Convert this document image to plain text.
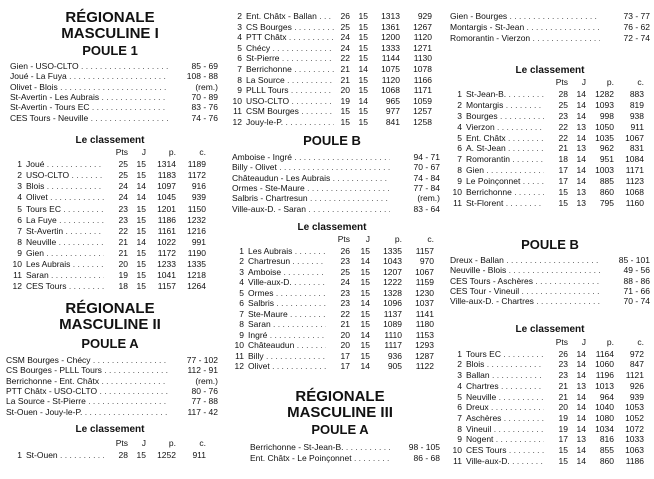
RÉGIONALE
MASCULINE I
POULE 1
Gien - USO-CLTO . . .	85 - 69
Joué - La Fuya . . .	108 - 88
Olivet - Blois . . .	(rem.)
St-Avertin - Les Aubrais . . .	70 - 89
St-Avertin - Tours EC . . .	83 - 76
CES Tours - Neuville . . .	74 - 76
Le classement
Pts	J	p.	c.
1 Joué . . .	25	15	1314	1189
2 USO-CLTO . . .	25	15	1183	1172
3 Blois . . .	24	14	1097	916
4 Olivet . . .	24	14	1045	939
5 Tours EC . . .	23	15	1201	1150
6 La Fuye . . .	23	15	1186	1232
7 St-Avertin . . .	22	15	1161	1216
8 Neuville . . .	21	14	1022	991
9 Gien . . .	21	15	1172	1190
10 Les Aubrais . . .	20	15	1233	1335
11 Saran . . .	19	15	1041	1218
12 CES Tours . . .	18	15	1157	1264
RÉGIONALE
MASCULINE II
POULE A
CSM Bourges - Chécy . . .	77 - 102
CS Bourges - PLLL Tours . . .	112 - 91
Berrichonne - Ent. Châtx . . .	(rem.)
PTT Châtx - USO-CLTO . . .	80 - 76
La Source - St-Pierre . . .	77 - 88
St-Ouen - Jouy-le-P. . . .	117 - 42
Le classement
Pts	J	p.	c.
1 St-Ouen . . .	28	15	1252	911
2 Ent. Châtx - Ballan . . .	26	15	1313	929
3 CS Bourges . . .	25	15	1361	1267
4 PTT Châtx . . .	24	15	1200	1120
5 Chécy . . .	24	15	1333	1271
6 St-Pierre . . .	22	15	1144	1130
7 Berrichonne . . .	21	14	1075	1078
8 La Source . . .	21	15	1120	1166
9 PLLL Tours . . .	20	15	1068	1171
10 USO-CLTO . . .	19	14	965	1059
11 CSM Bourges . . .	15	15	977	1257
12 Jouy-le-P. . . .	15	15	841	1258
POULE B
Amboise - Ingré . . .	94 - 71
Billy - Olivet . . .	70 - 67
Châteaudun - Les Aubrais . . .	74 - 84
Ormes - Ste-Maure . . .	77 - 84
Salbris - Chartresun . . .	(rem.)
Ville-aux-D. - Saran . . .	83 - 64
Le classement
Pts	J	p.	c.
1 Les Aubrais . . .	26	15	1335	1157
2 Chartresun . . .	23	14	1043	970
3 Amboise . . .	25	15	1207	1067
4 Ville-aux-D. . . .	24	15	1222	1159
5 Ormes . . .	23	15	1328	1230
6 Salbris . . .	23	14	1096	1037
7 Ste-Maure . . .	22	15	1137	1141
8 Saran . . .	21	15	1089	1180
9 Ingré . . .	20	14	1110	1153
10 Châteaudun . . .	20	15	1117	1293
11 Billy . . .	17	15	936	1287
12 Olivet . . .	17	14	905	1122
RÉGIONALE
MASCULINE III
POULE A
Berrichonne - St-Jean-B. . . .	98 - 105
Ent. Châtx - Le Poinçonnet . . .	86 - 68
Gien - Bourges . . .	73 - 77
Montargis - St-Jean . . .	76 - 62
Romorantin - Vierzon . . .	72 - 74
Le classement
Pts	J	p.	c.
1 St-Jean-B. . . .	28	14	1282	883
2 Montargis . . .	25	14	1093	819
3 Bourges . . .	23	14	998	938
4 Vierzon . . .	22	13	1050	911
5 Ent. Châtx . . .	22	14	1035	1067
6 A. St-Jean . . .	21	13	962	831
7 Romorantin . . .	18	14	951	1084
8 Gien . . .	17	14	1003	1171
9 Le Poinçonnet . . .	17	14	885	1123
10 Berrichonne . . .	15	13	860	1068
11 St-Florent . . .	15	13	795	1160
POULE B
Dreux - Ballan . . .	85 - 101
Neuville - Blois . . .	49 - 56
CES Tours - Aschères . . .	88 - 86
CES Tour - Vineuil . . .	71 - 66
Ville-aux-D. - Chartres . . .	70 - 74
Le classement
Pts	J	p.	c.
1 Tours EC . . .	26	14	1164	972
2 Blois . . .	23	14	1060	847
3 Ballan . . .	23	14	1196	1121
4 Chartres . . .	21	13	1013	926
5 Neuville . . .	21	14	964	939
6 Dreux . . .	20	14	1040	1053
7 Aschères . . .	19	14	1080	1052
8 Vineuil . . .	19	14	1034	1072
9 Nogent . . .	17	13	816	1033
10 CES Tours . . .	15	14	855	1063
11 Ville-aux-D. . . .	15	14	860	1186
